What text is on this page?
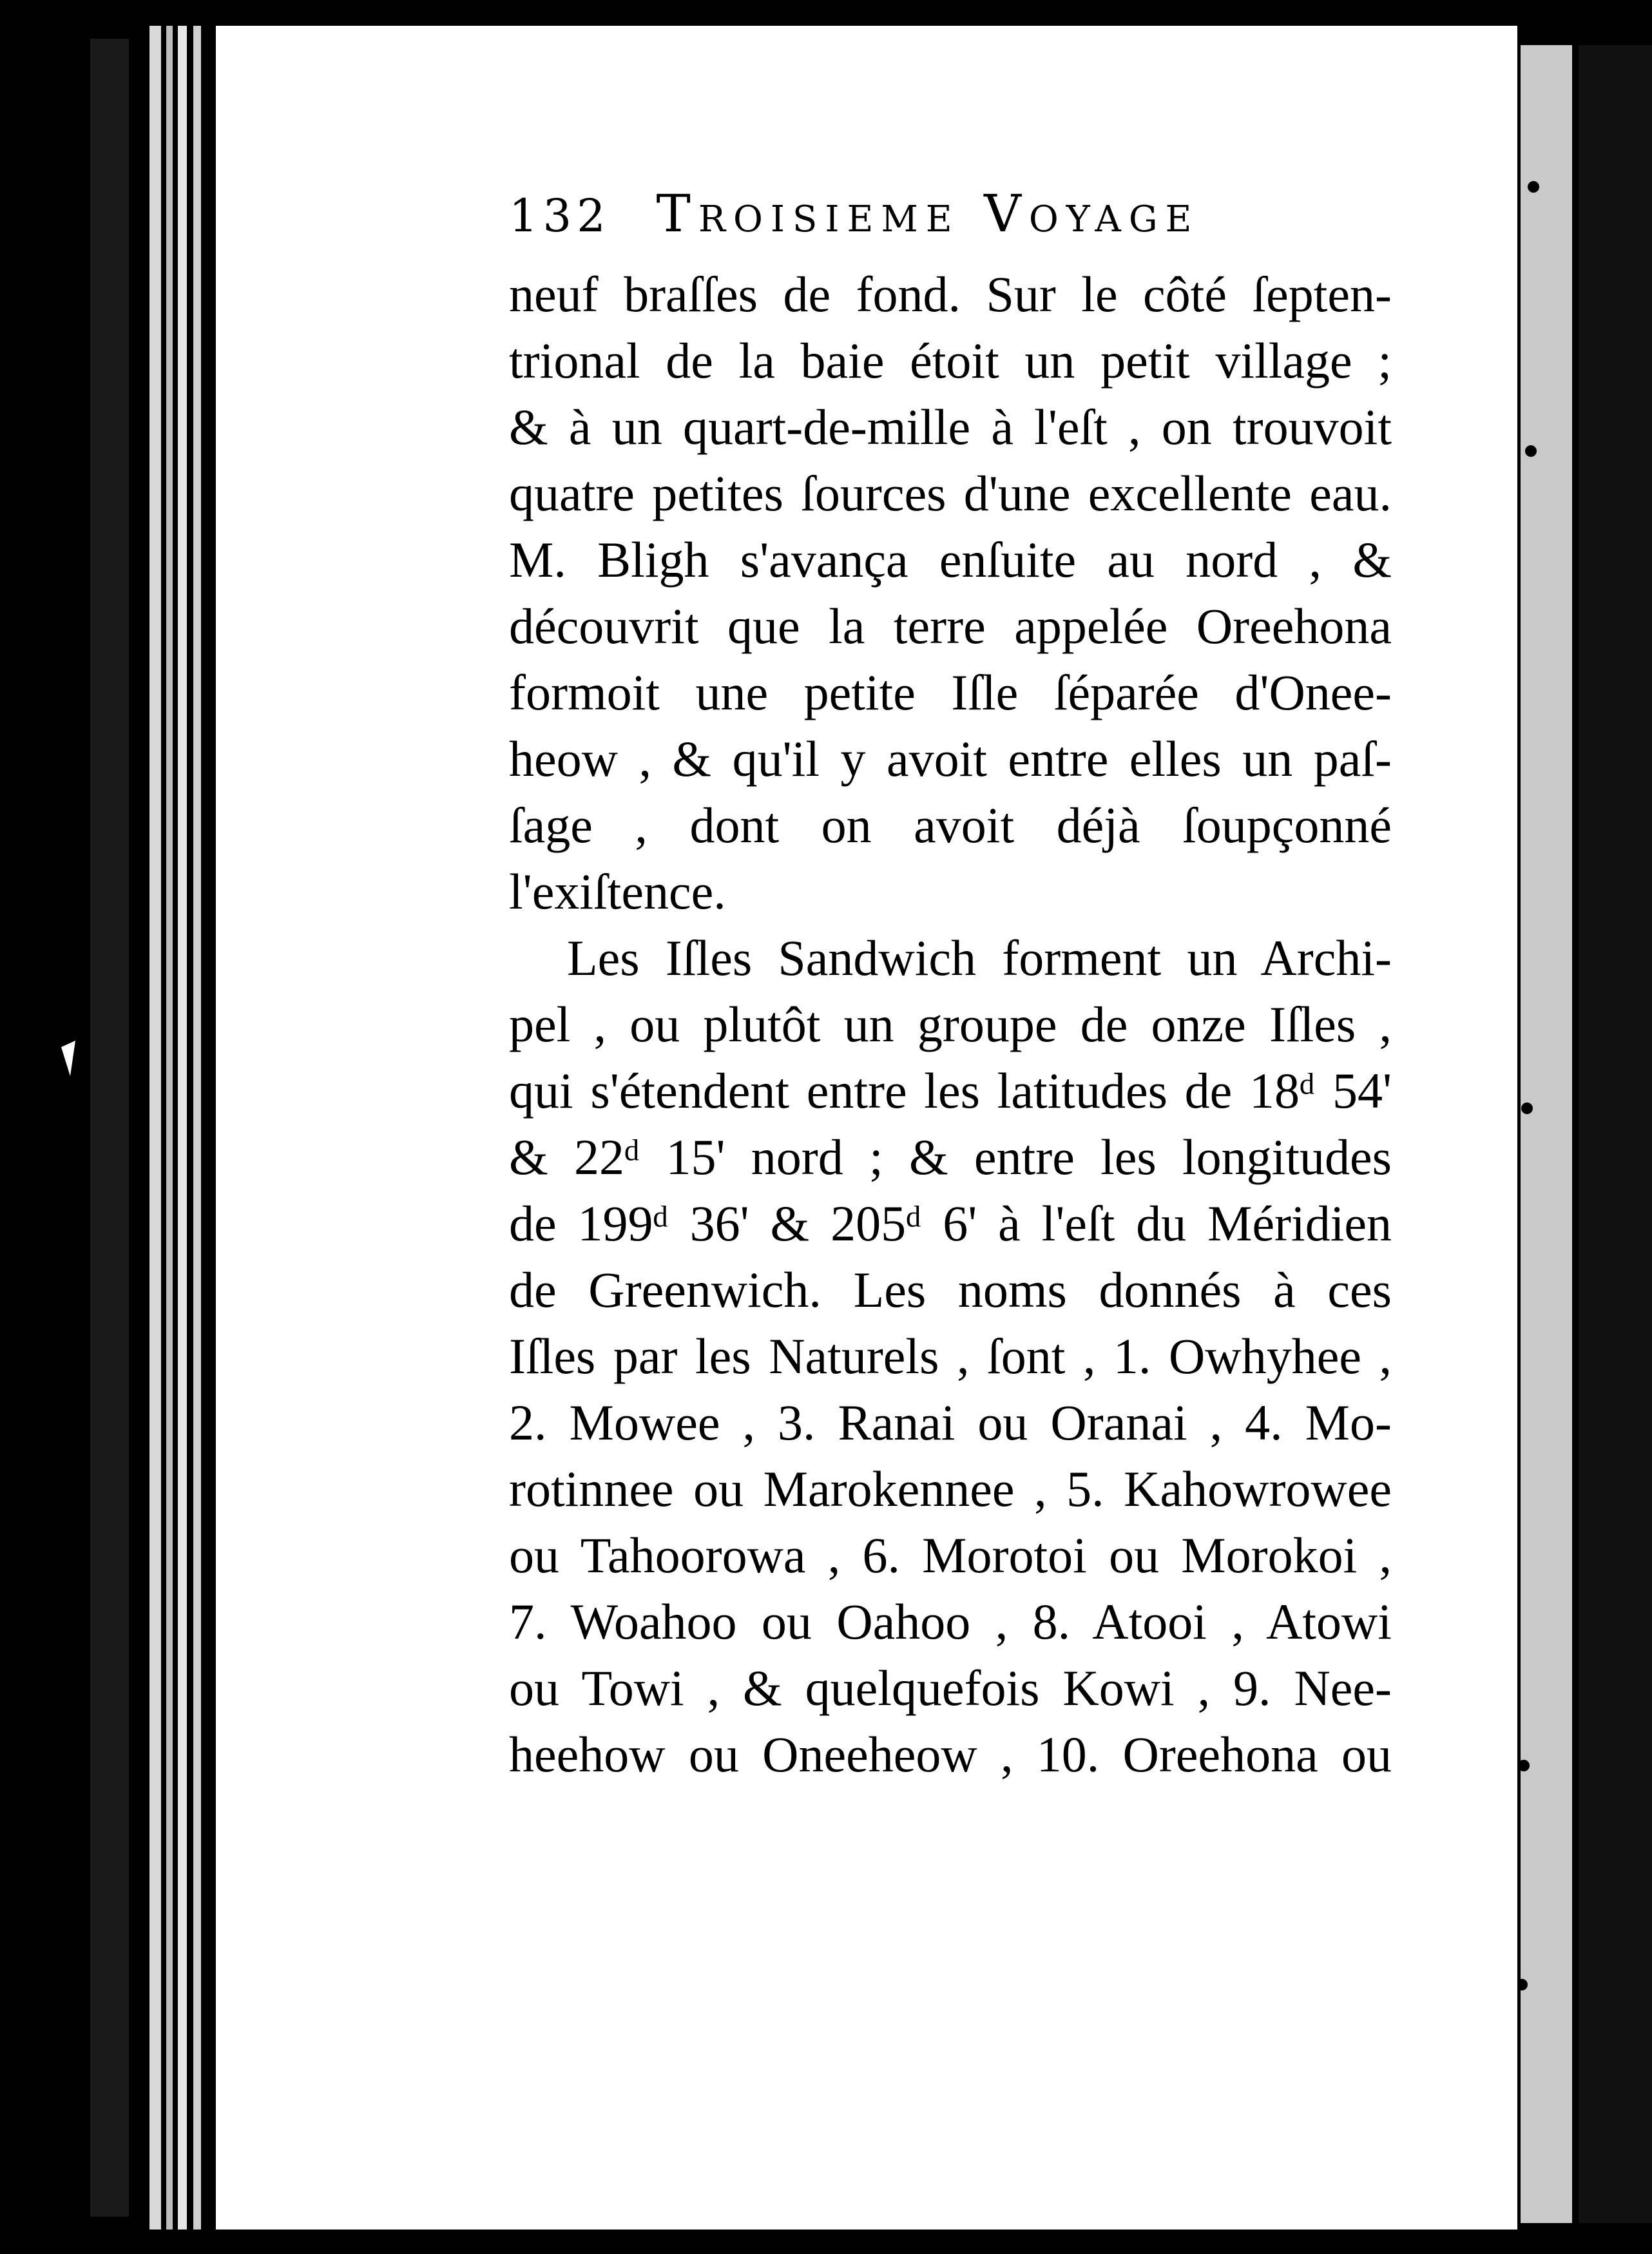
132 Troisieme Voyage
neuf braſſes de fond. Sur le côté ſepten-
trional de la baie étoit un petit village ;
& à un quart-de-mille à l'eſt , on trouvoit
quatre petites ſources d'une excellente eau.
M. Bligh s'avança enſuite au nord , &
découvrit que la terre appelée Oreehona
formoit une petite Iſle ſéparée d'Onee-
heow , & qu'il y avoit entre elles un paſ-
ſage , dont on avoit déjà ſoupçonné
l'exiſtence.
Les Iſles Sandwich forment un Archi-
pel , ou plutôt un groupe de onze Iſles ,
qui s'étendent entre les latitudes de 18ᵈ 54'
& 22ᵈ 15' nord ; & entre les longitudes
de 199ᵈ 36' & 205ᵈ 6' à l'eſt du Méridien
de Greenwich. Les noms donnés à ces
Iſles par les Naturels , ſont , 1. Owhyhee ,
2. Mowee , 3. Ranai ou Oranai , 4. Mo-
rotinnee ou Marokennee , 5. Kahowrowee
ou Tahoorowa , 6. Morotoi ou Morokoi ,
7. Woahoo ou Oahoo , 8. Atooi , Atowi
ou Towi , & quelquefois Kowi , 9. Nee-
heehow ou Oneeheow , 10. Oreehona ou
